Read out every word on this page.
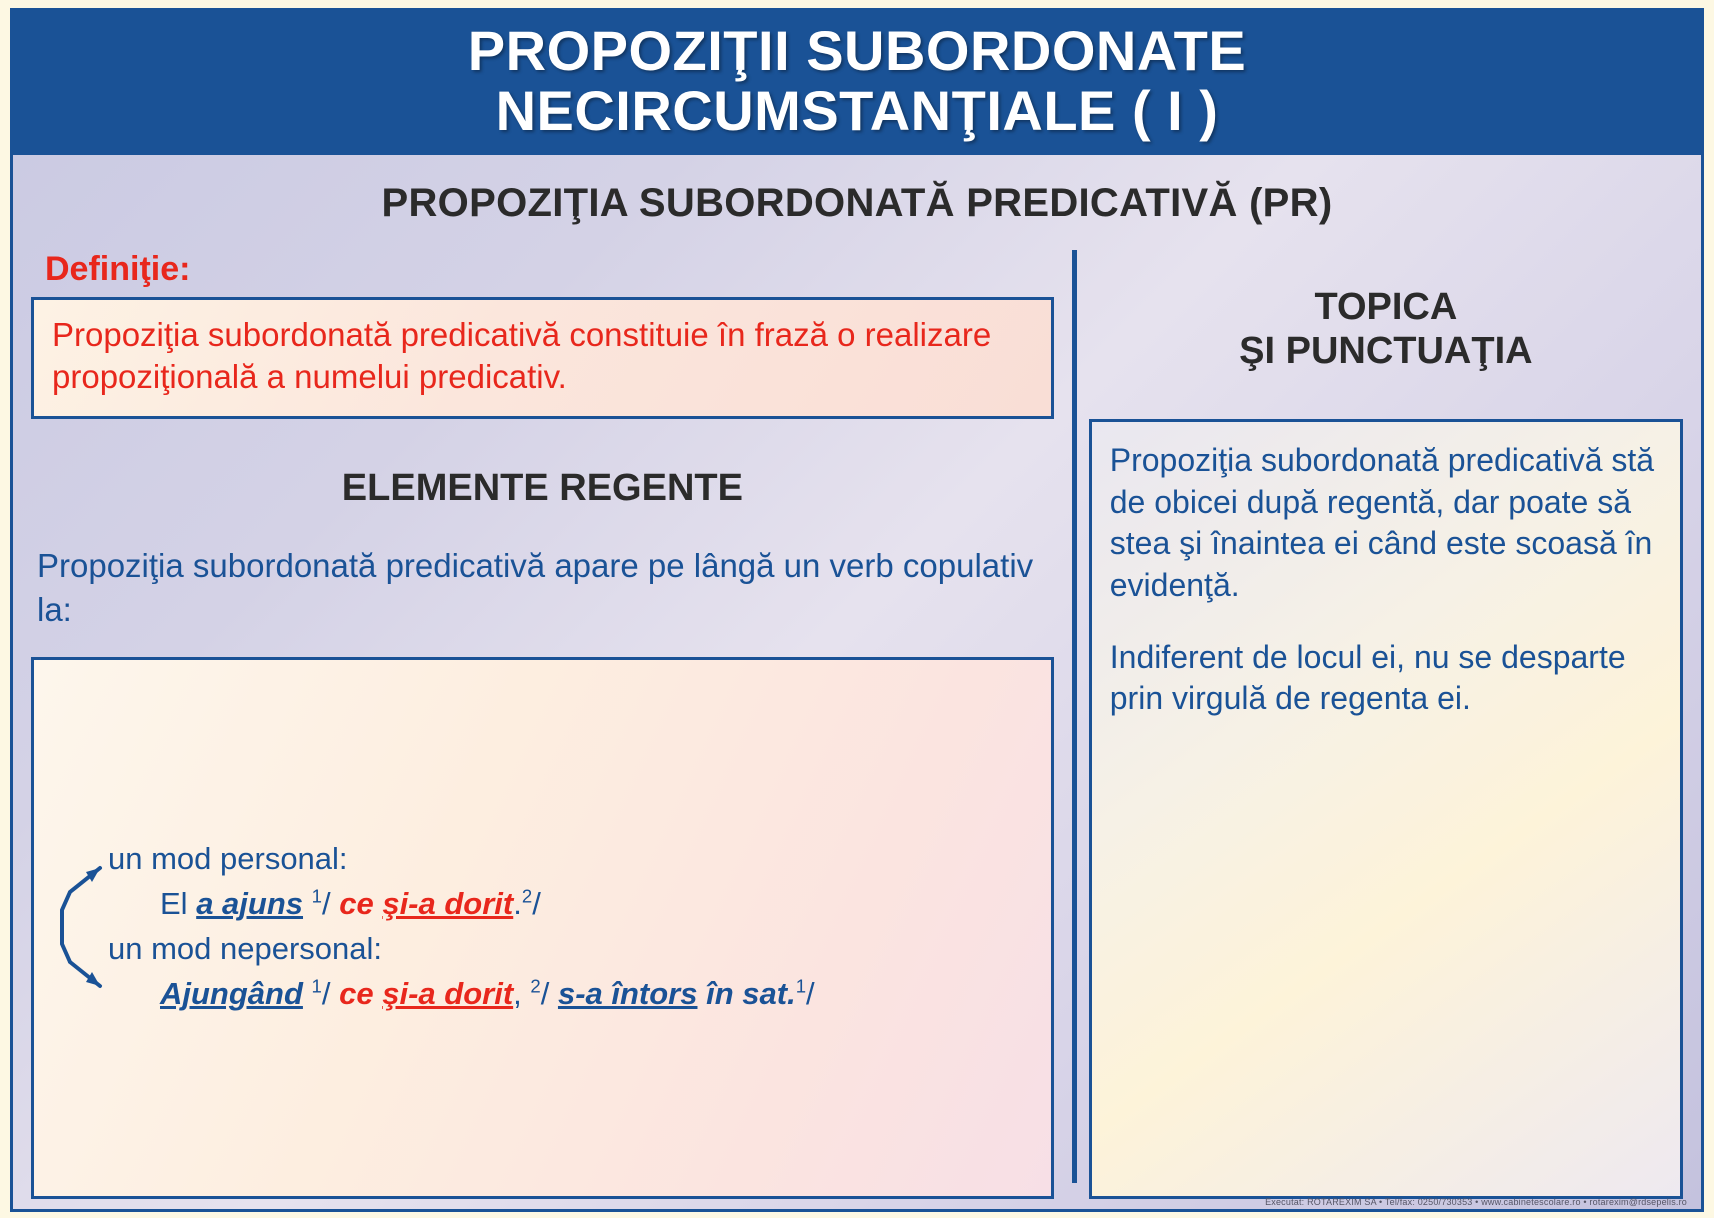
PROPOZIŢII SUBORDONATE
NECIRCUMSTANŢIALE ( I )
PROPOZIŢIA SUBORDONATĂ PREDICATIVĂ (PR)
Definiţie:
Propoziţia subordonată predicativă constituie în frază o realizare propoziţională a numelui predicativ.
ELEMENTE REGENTE
Propoziţia subordonată predicativă apare pe lângă un verb copulativ la:
un mod personal:
El a ajuns $^1$/ ce şi-a dorit.$^2$/
un mod nepersonal:
Ajungând $^1$/ ce şi-a dorit, $^2$/ s-a întors în sat.$^1$/
TOPICA
ŞI PUNCTUAŢIA

Propoziţia subordonată predicativă stă de obicei după regentă, dar poate să stea şi înaintea ei când este scoasă în evidenţă.

Indiferent de locul ei, nu se desparte prin virgulă de regenta ei.

Executat: ROTAREXIM SA • Tel/fax: 0250/730353 • www.cabinetescolare.ro • rotarexim@rdsepelis.ro
